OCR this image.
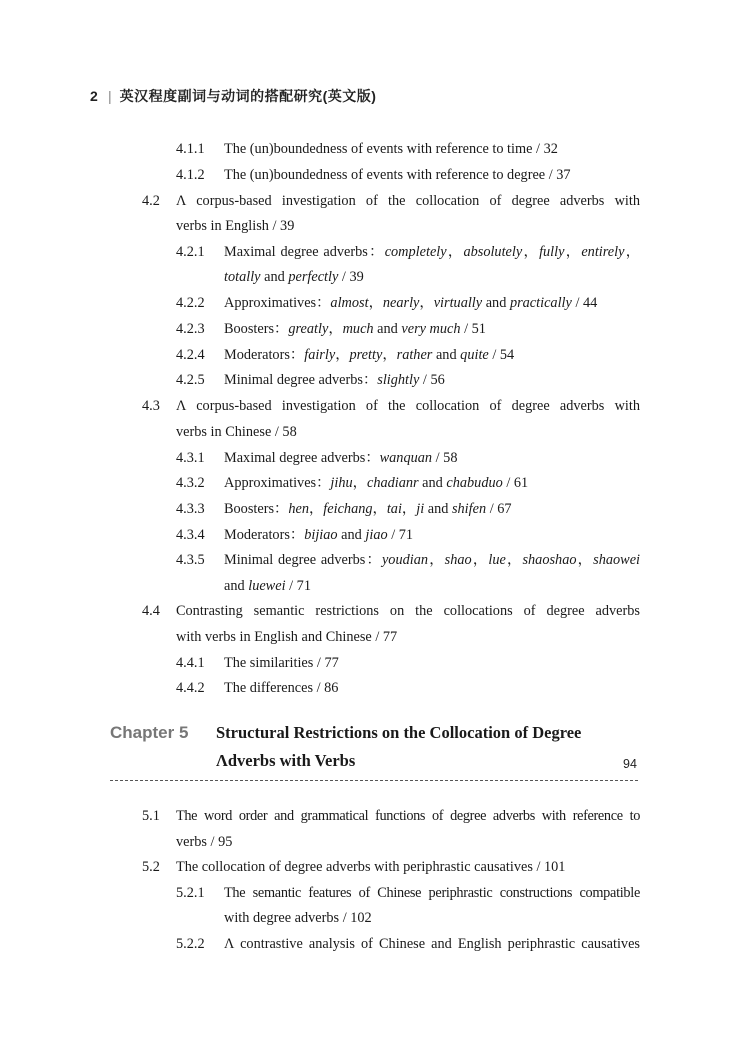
2 | 英汉程度副词与动词的搭配研究(英文版)
4.1.1 The (un)boundedness of events with reference to time / 32
4.1.2 The (un)boundedness of events with reference to degree / 37
4.2 Λ corpus-based investigation of the collocation of degree adverbs with
verbs in English / 39
4.2.1 Maximal degree adverbs：completely，absolutely，fully，entirely，
totally and perfectly / 39
4.2.2 Approximatives：almost，nearly，virtually and practically / 44
4.2.3 Boosters：greatly，much and very much / 51
4.2.4 Moderators：fairly，pretty，rather and quite / 54
4.2.5 Minimal degree adverbs：slightly / 56
4.3 Λ corpus-based investigation of the collocation of degree adverbs with
verbs in Chinese / 58
4.3.1 Maximal degree adverbs：wanquan / 58
4.3.2 Approximatives：jihu，chadianr and chabuduo / 61
4.3.3 Boosters：hen，feichang，tai，ji and shifen / 67
4.3.4 Moderators：bijiao and jiao / 71
4.3.5 Minimal degree adverbs：youdian，shao，lue，shaoshao，shaowei
and luewei / 71
4.4 Contrasting semantic restrictions on the collocations of degree adverbs
with verbs in English and Chinese / 77
4.4.1 The similarities / 77
4.4.2 The differences / 86
Chapter 5 Structural Restrictions on the Collocation of Degree
Λdverbs with Verbs	94
5.1 The word order and grammatical functions of degree adverbs with reference to
verbs / 95
5.2 The collocation of degree adverbs with periphrastic causatives / 101
5.2.1 The semantic features of Chinese periphrastic constructions compatible
with degree adverbs / 102
5.2.2 Λ contrastive analysis of Chinese and English periphrastic causatives
